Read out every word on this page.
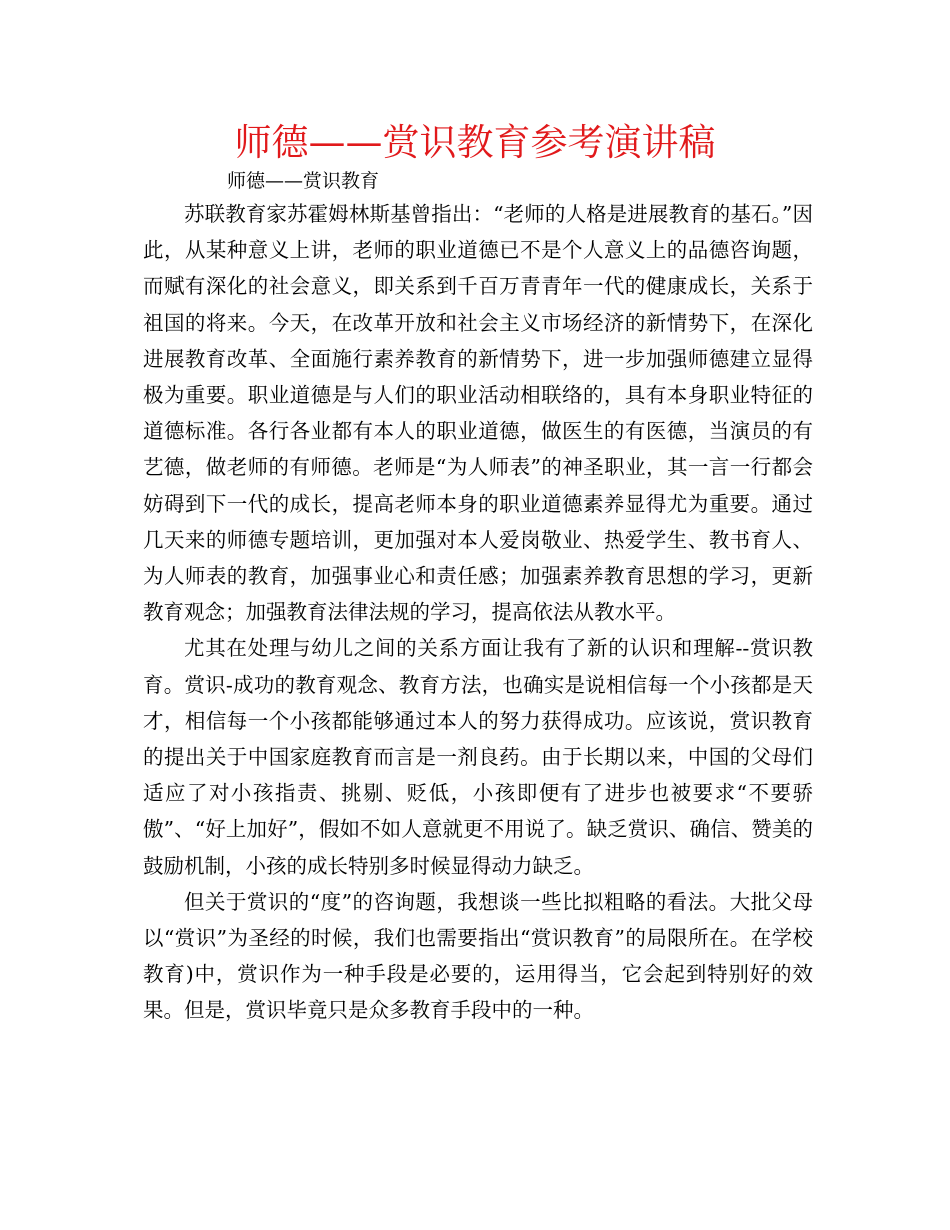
师德——赏识教育参考演讲稿
师德——赏识教育

苏联教育家苏霍姆林斯基曾指出：“老师的人格是进展教育的基石。”因此，从某种意义上讲，老师的职业道德已不是个人意义上的品德咨询题，而赋有深化的社会意义，即关系到千百万青青年一代的健康成长，关系于祖国的将来。今天，在改革开放和社会主义市场经济的新情势下，在深化进展教育改革、全面施行素养教育的新情势下，进一步加强师德建立显得极为重要。职业道德是与人们的职业活动相联络的，具有本身职业特征的道德标准。各行各业都有本人的职业道德，做医生的有医德，当演员的有艺德，做老师的有师德。老师是“为人师表”的神圣职业，其一言一行都会妨碍到下一代的成长，提高老师本身的职业道德素养显得尤为重要。通过几天来的师德专题培训，更加强对本人爱岗敬业、热爱学生、教书育人、为人师表的教育，加强事业心和责任感；加强素养教育思想的学习，更新教育观念；加强教育法律法规的学习，提高依法从教水平。

尤其在处理与幼儿之间的关系方面让我有了新的认识和理解--赏识教育。赏识-成功的教育观念、教育方法，也确实是说相信每一个小孩都是天才，相信每一个小孩都能够通过本人的努力获得成功。应该说，赏识教育的提出关于中国家庭教育而言是一剂良药。由于长期以来，中国的父母们适应了对小孩指责、挑剔、贬低，小孩即便有了进步也被要求“不要骄傲”、“好上加好”，假如不如人意就更不用说了。缺乏赏识、确信、赞美的鼓励机制，小孩的成长特别多时候显得动力缺乏。

但关于赏识的“度”的咨询题，我想谈一些比拟粗略的看法。大批父母以“赏识”为圣经的时候，我们也需要指出“赏识教育”的局限所在。在学校教育)中，赏识作为一种手段是必要的，运用得当，它会起到特别好的效果。但是，赏识毕竟只是众多教育手段中的一种。
